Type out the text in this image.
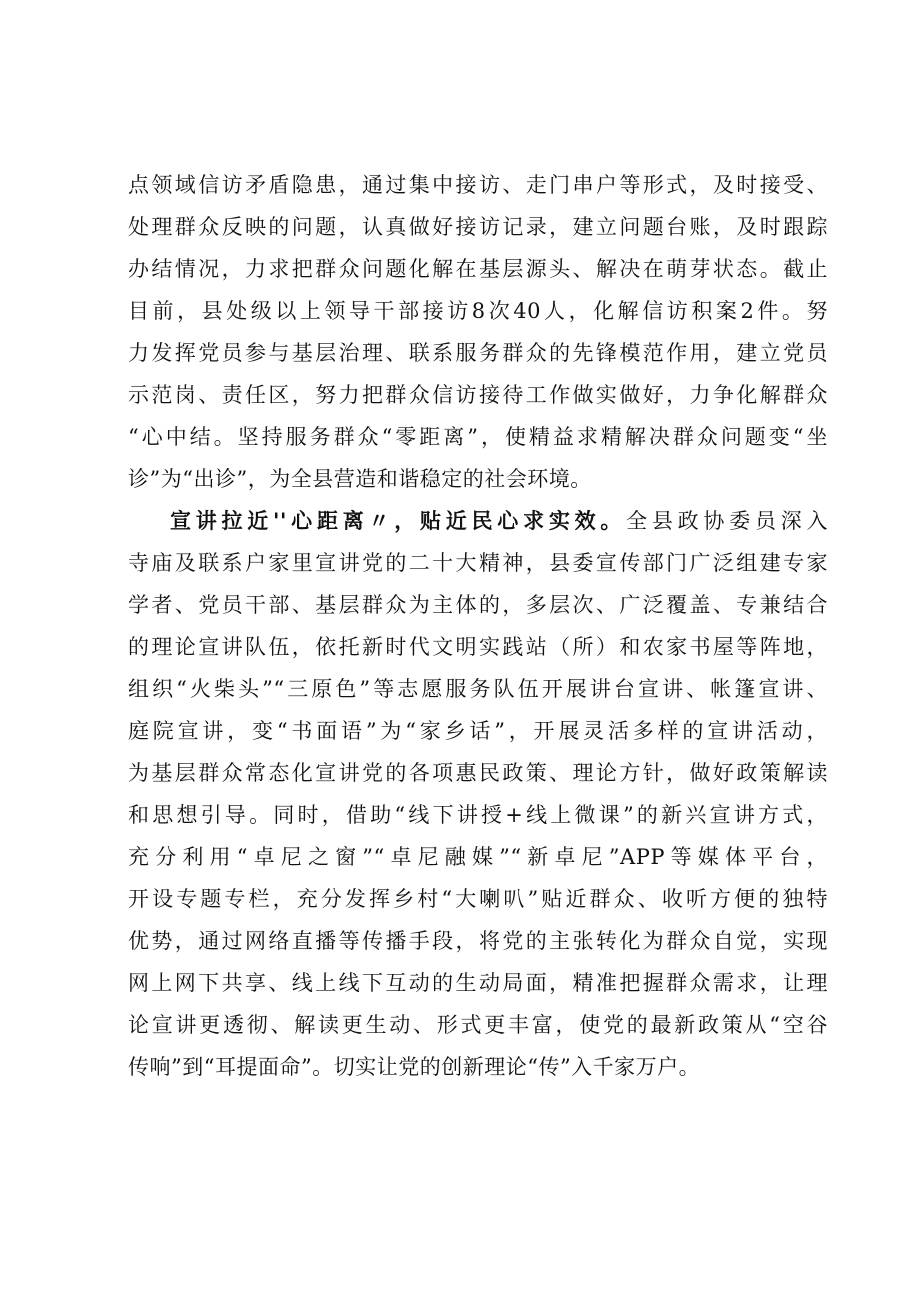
点领域信访矛盾隐患，通过集中接访、走门串户等形式，及时接受、
处理群众反映的问题，认真做好接访记录，建立问题台账，及时跟踪
办结情况，力求把群众问题化解在基层源头、解决在萌芽状态。截止
目前，县处级以上领导干部接访8次40人，化解信访积案2件。努
力发挥党员参与基层治理、联系服务群众的先锋模范作用，建立党员
示范岗、责任区，努力把群众信访接待工作做实做好，力争化解群众
“心中结。坚持服务群众“零距离”，使精益求精解决群众问题变“坐
诊”为“出诊”，为全县营造和谐稳定的社会环境。
宣讲拉近''心距离〃，贴近民心求实效。全县政协委员深入
寺庙及联系户家里宣讲党的二十大精神，县委宣传部门广泛组建专家
学者、党员干部、基层群众为主体的，多层次、广泛覆盖、专兼结合
的理论宣讲队伍，依托新时代文明实践站（所）和农家书屋等阵地，
组织“火柴头”“三原色”等志愿服务队伍开展讲台宣讲、帐篷宣讲、
庭院宣讲，变“书面语”为“家乡话”，开展灵活多样的宣讲活动，
为基层群众常态化宣讲党的各项惠民政策、理论方针，做好政策解读
和思想引导。同时，借助“线下讲授+线上微课”的新兴宣讲方式，
充分利用“卓尼之窗”“卓尼融媒”“新卓尼”APP等媒体平台，
开设专题专栏，充分发挥乡村“大喇叭”贴近群众、收听方便的独特
优势，通过网络直播等传播手段，将党的主张转化为群众自觉，实现
网上网下共享、线上线下互动的生动局面，精准把握群众需求，让理
论宣讲更透彻、解读更生动、形式更丰富，使党的最新政策从“空谷
传响”到“耳提面命”。切实让党的创新理论“传”入千家万户。
